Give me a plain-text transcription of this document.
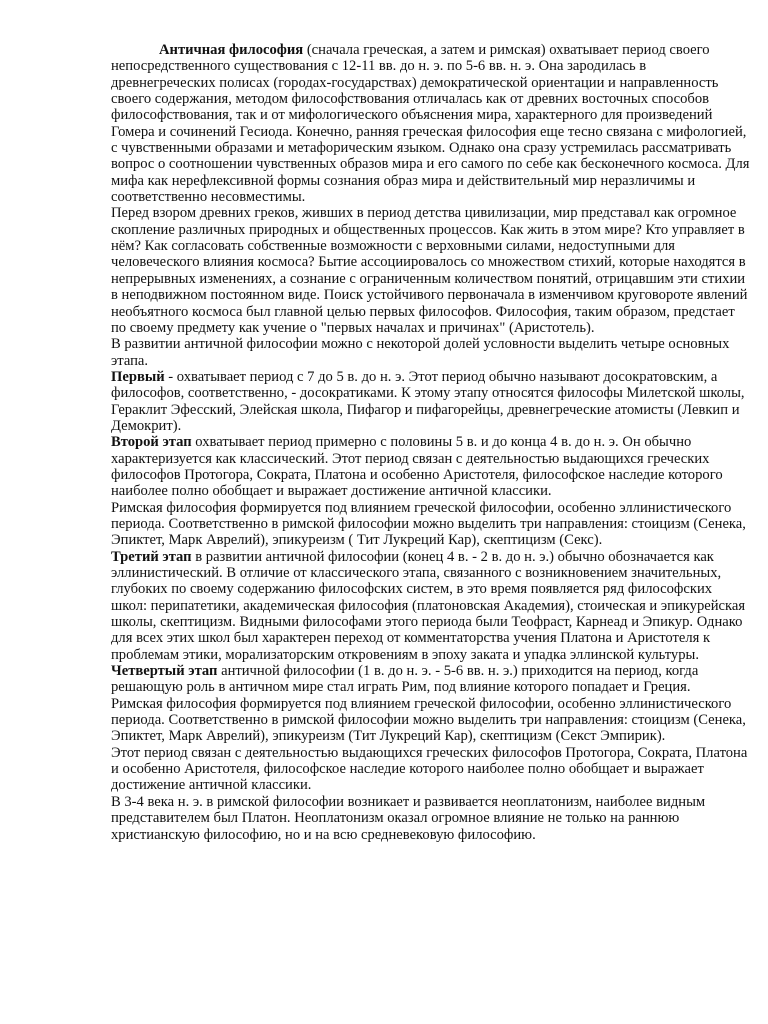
Античная философия (сначала греческая, а затем и римская) охватывает период своего непосредственного существования с 12-11 вв. до н. э. по 5-6 вв. н. э. Она зародилась в древнегреческих полисах (городах-государствах) демократической ориентации и направленность своего содержания, методом философствования отличалась как от древних восточных способов философствования, так и от мифологического объяснения мира, характерного для произведений Гомера и сочинений Гесиода. Конечно, ранняя греческая философия еще тесно связана с мифологией, с чувственными образами и метафорическим языком. Однако она сразу устремилась рассматривать вопрос о соотношении чувственных образов мира и его самого по себе как бесконечного космоса. Для мифа как нерефлексивной формы сознания образ мира и действительный мир неразличимы и соответственно несовместимы.

Перед взором древних греков, живших в период детства цивилизации, мир представал как огромное скопление различных природных и общественных процессов. Как жить в этом мире? Кто управляет в нём? Как согласовать собственные возможности с верховными силами, недоступными для человеческого влияния космоса? Бытие ассоциировалось со множеством стихий, которые находятся в непрерывных изменениях, а сознание с ограниченным количеством понятий, отрицавшим эти стихии в неподвижном постоянном виде. Поиск устойчивого первоначала в изменчивом круговороте явлений необъятного космоса был главной целью первых философов. Философия, таким образом, предстает по своему предмету как учение о "первых началах и причинах" (Аристотель).

В развитии античной философии можно с некоторой долей условности выделить четыре основных этапа.

Первый - охватывает период с 7 до 5 в. до н. э. Этот период обычно называют досократовским, а философов, соответственно, - досократиками. К этому этапу относятся философы Милетской школы, Гераклит Эфесский, Элейская школа, Пифагор и пифагорейцы, древнегреческие атомисты (Левкип и Демокрит).

Второй этап охватывает период примерно с половины 5 в. и до конца 4 в. до н. э. Он обычно характеризуется как классический. Этот период связан с деятельностью выдающихся греческих философов Протогора, Сократа, Платона и особенно Аристотеля, философское наследие которого наиболее полно обобщает и выражает достижение античной классики.

Римская философия формируется под влиянием греческой философии, особенно эллинистического периода. Соответственно в римской философии можно выделить три направления: стоицизм (Сенека, Эпиктет, Марк Аврелий), эпикуреизм ( Тит Лукреций Кар), скептицизм (Секс).

Третий этап в развитии античной философии (конец 4 в. - 2 в. до н. э.) обычно обозначается как эллинистический. В отличие от классического этапа, связанного с возникновением значительных, глубоких по своему содержанию философских систем, в это время появляется ряд философских школ: перипатетики, академическая философия (платоновская Академия), стоическая и эпикурейская школы, скептицизм. Видными философами этого периода были Теофраст, Карнеад и Эпикур. Однако для всех этих школ был характерен переход от комментаторства учения Платона и Аристотеля к проблемам этики, морализаторским откровениям в эпоху заката и упадка эллинской культуры.

Четвертый этап античной философии (1 в. до н. э. - 5-6 вв. н. э.) приходится на период, когда решающую роль в античном мире стал играть Рим, под влияние которого попадает и Греция.

Римская философия формируется под влиянием греческой философии, особенно эллинистического периода. Соответственно в римской философии можно выделить три направления: стоицизм (Сенека, Эпиктет, Марк Аврелий), эпикуреизм (Тит Лукреций Кар), скептицизм (Секст Эмпирик).

Этот период связан с деятельностью выдающихся греческих философов Протогора, Сократа, Платона и особенно Аристотеля, философское наследие которого наиболее полно обобщает и выражает достижение античной классики.

В 3-4 века н. э. в римской философии возникает и развивается неоплатонизм, наиболее видным представителем был Платон. Неоплатонизм оказал огромное влияние не только на раннюю христианскую философию, но и на всю средневековую философию.
